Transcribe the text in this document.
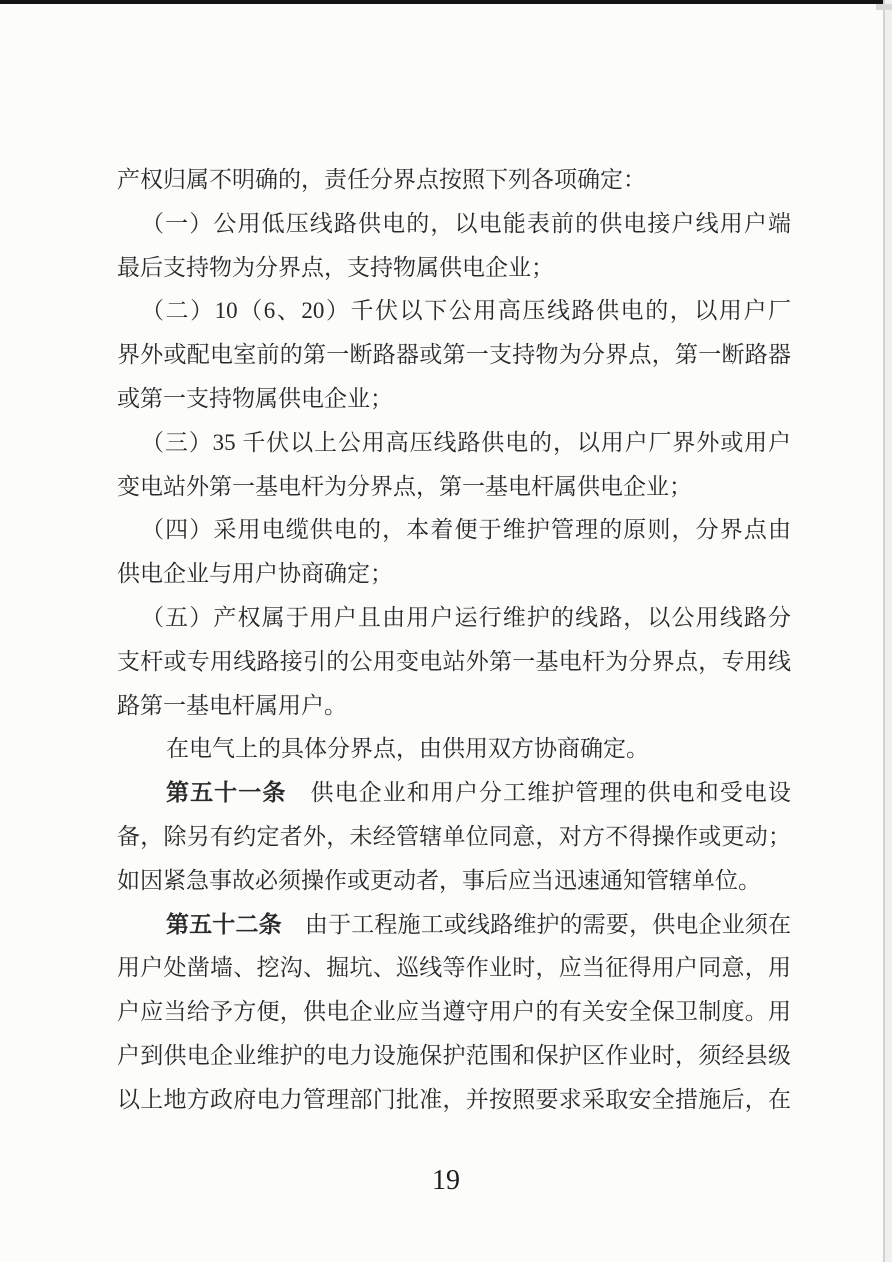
产权归属不明确的，责任分界点按照下列各项确定：

（一）公用低压线路供电的，以电能表前的供电接户线用户端
最后支持物为分界点，支持物属供电企业；

（二）10（6、20）千伏以下公用高压线路供电的，以用户厂
界外或配电室前的第一断路器或第一支持物为分界点，第一断路器
或第一支持物属供电企业；

（三）35 千伏以上公用高压线路供电的，以用户厂界外或用户
变电站外第一基电杆为分界点，第一基电杆属供电企业；

（四）采用电缆供电的，本着便于维护管理的原则，分界点由
供电企业与用户协商确定；

（五）产权属于用户且由用户运行维护的线路，以公用线路分
支杆或专用线路接引的公用变电站外第一基电杆为分界点，专用线
路第一基电杆属用户。

在电气上的具体分界点，由供用双方协商确定。

第五十一条　供电企业和用户分工维护管理的供电和受电设
备，除另有约定者外，未经管辖单位同意，对方不得操作或更动；
如因紧急事故必须操作或更动者，事后应当迅速通知管辖单位。

第五十二条　由于工程施工或线路维护的需要，供电企业须在
用户处凿墙、挖沟、掘坑、巡线等作业时，应当征得用户同意，用
户应当给予方便，供电企业应当遵守用户的有关安全保卫制度。用
户到供电企业维护的电力设施保护范围和保护区作业时，须经县级
以上地方政府电力管理部门批准，并按照要求采取安全措施后，在

19
